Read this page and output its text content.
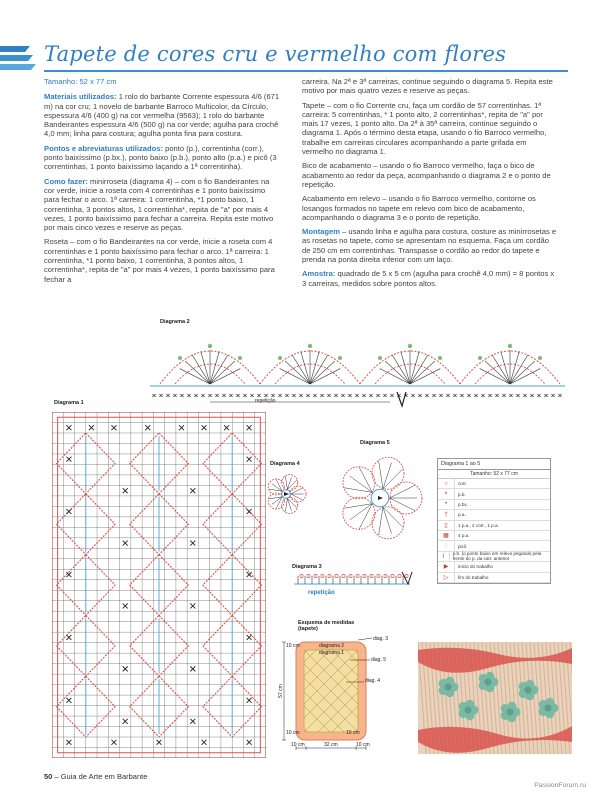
Tapete de cores cru e vermelho com flores
Tamanho: 52 x 77 cm

Materiais utilizados: 1 rolo do barbante Corrente espessura 4/6 (671 m) na cor cru; 1 novelo de barbante Barroco Multicolor, da Círculo, espessura 4/6 (400 g) na cor vermelha (9563); 1 rolo do barbante Bandeirantes espessura 4/6 (500 g) na cor verde; agulha para crochê 4,0 mm; linha para costura; agulha ponta fina para costura.

Pontos e abreviaturas utilizados: ponto (p.), correntinha (corr.), ponto baixíssimo (p.bx.), ponto baixo (p.b.), ponto alto (p.a.) e picô (3 correntinhas, 1 ponto baixíssimo laçando a 1ª correntinha).

Como fazer: minirroseta (diagrama 4) – com o fio Bandeirantes na cor verde, inicie a roseta com 4 correntinhas e 1 ponto baixíssimo para fechar o arco. 1ª carreira: 1 correntinha, *1 ponto baixo, 1 correntinha, 3 pontos altos, 1 correntinha*, repita de "a" por mais 4 vezes, 1 ponto baixíssimo para fechar a carreira. Repita este motivo por mais cinco vezes e reserve as peças.

Roseta – com o fio Bandeirantes na cor verde, inicie a roseta com 4 correntinhas e 1 ponto baixíssimo para fechar o arco. 1ª carreira: 1 correntinha, *1 ponto baixo, 1 correntinha, 3 pontos altos, 1 correntinha*, repita de "a" por mais 4 vezes, 1 ponto baixíssimo para fechar a

carreira. Na 2ª e 3ª carreiras, continue seguindo o diagrama 5. Repita este motivo por mais quatro vezes e reserve as peças.

Tapete – com o fio Corrente cru, faça um cordão de 57 correntinhas. 1ª carreira: 5 correntinhas, * 1 ponto alto, 2 correntinhas*, repita de "a" por mais 17 vezes, 1 ponto alto. Da 2ª à 35ª carreira, continue seguindo o diagrama 1. Após o término desta etapa, usando o fio Barroco vermelho, trabalhe em carreiras circulares acompanhando a parte grifada em vermelho no diagrama 1.

Bico de acabamento – usando o fio Barroco vermelho, faça o bico de acabamento ao redor da peça, acompanhando o diagrama 2 e o ponto de repetição.

Acabamento em relevo – usando o fio Barroco vermelho, contorne os losangos formados no tapete em relevo com bico de acabamento, acompanhando o diagrama 3 e o ponto de repetição.

Montagem – usando linha e agulha para costura, costure as minirrosetas e as rosetas no tapete, como se apresentam no esquema. Faça um cordão de 250 cm em correntinhas. Transpasse o cordão ao redor do tapete e prenda na ponta direita inferior com um laço.

Amostra: quadrado de 5 x 5 cm (agulha para crochê 4,0 mm) = 8 pontos x 3 carreiras, medidos sobre pontos altos.

Diagrama 2
repetição
Diagrama 1
Diagrama 4
Diagrama 5
Diagrama 3
repetição
Diagrama 1 ao 5
Tamanho: 52 x 77 cm
○	corr.
×	p.b.
•	p.bx.
†	p.a.
▯	1 p.a., 2 corr., 1 p.a.
▦	4 p.a.
◌	picô
⌇	p.b. (o ponto baixo em relevo pegando pela frente do p. da carr. anterior
▶	início do trabalho
▷	fim do trabalho
Esquema de medidas (tapete)
10 cm
diag. 3
diagrama 2
diagrama 1
diag. 5
diag. 4
57 cm
10 cm
10 cm	32 cm	10 cm
10 cm
50 – Guia de Arte em Barbante
PassionForum.ru
